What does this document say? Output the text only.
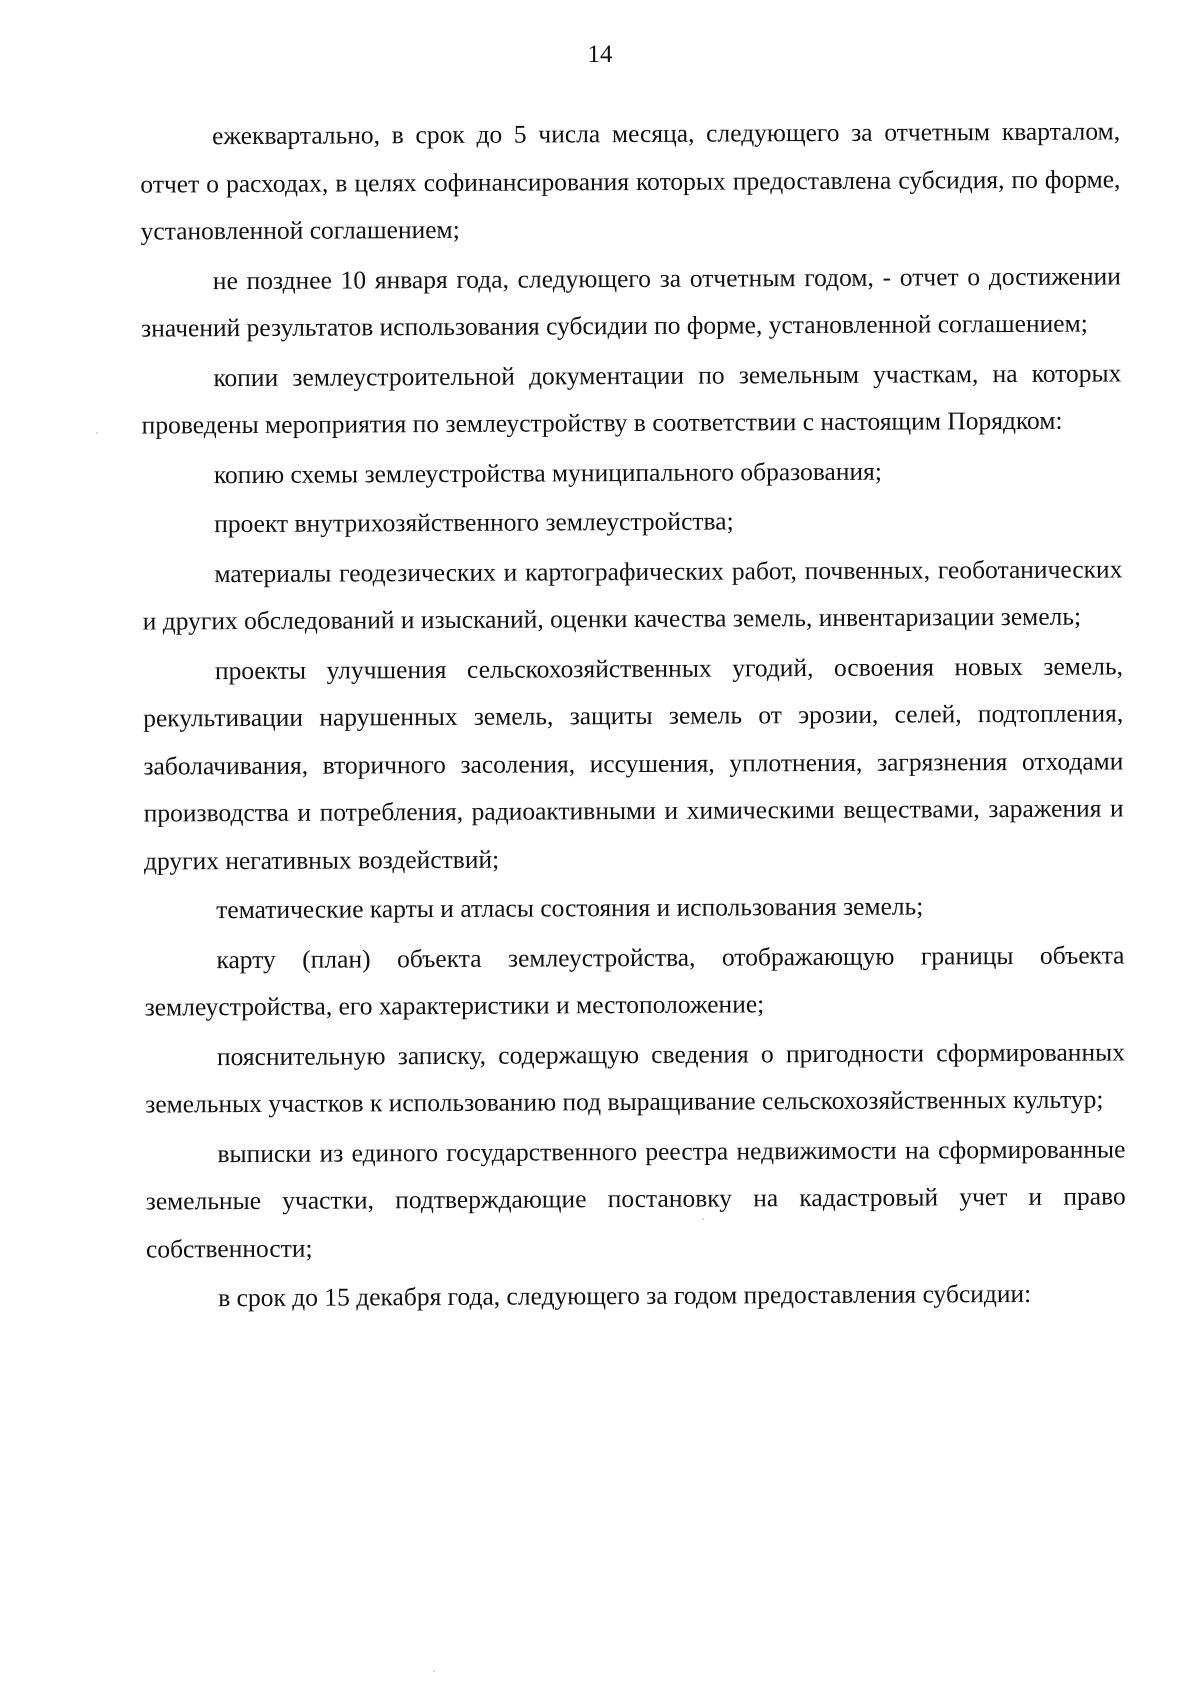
14

ежеквартально, в срок до 5 числа месяца, следующего за отчетным кварталом, отчет о расходах, в целях софинансирования которых предоставлена субсидия, по форме, установленной соглашением;

не позднее 10 января года, следующего за отчетным годом, - отчет о достижении значений результатов использования субсидии по форме, установленной соглашением;

копии землеустроительной документации по земельным участкам, на которых проведены мероприятия по землеустройству в соответствии с настоящим Порядком:

копию схемы землеустройства муниципального образования;

проект внутрихозяйственного землеустройства;

материалы геодезических и картографических работ, почвенных, геоботанических и других обследований и изысканий, оценки качества земель, инвентаризации земель;

проекты улучшения сельскохозяйственных угодий, освоения новых земель, рекультивации нарушенных земель, защиты земель от эрозии, селей, подтопления, заболачивания, вторичного засоления, иссушения, уплотнения, загрязнения отходами производства и потребления, радиоактивными и химическими веществами, заражения и других негативных воздействий;

тематические карты и атласы состояния и использования земель;

карту (план) объекта землеустройства, отображающую границы объекта землеустройства, его характеристики и местоположение;

пояснительную записку, содержащую сведения о пригодности сформированных земельных участков к использованию под выращивание сельскохозяйственных культур;

выписки из единого государственного реестра недвижимости на сформированные земельные участки, подтверждающие постановку на кадастровый учет и право собственности;

в срок до 15 декабря года, следующего за годом предоставления субсидии:
